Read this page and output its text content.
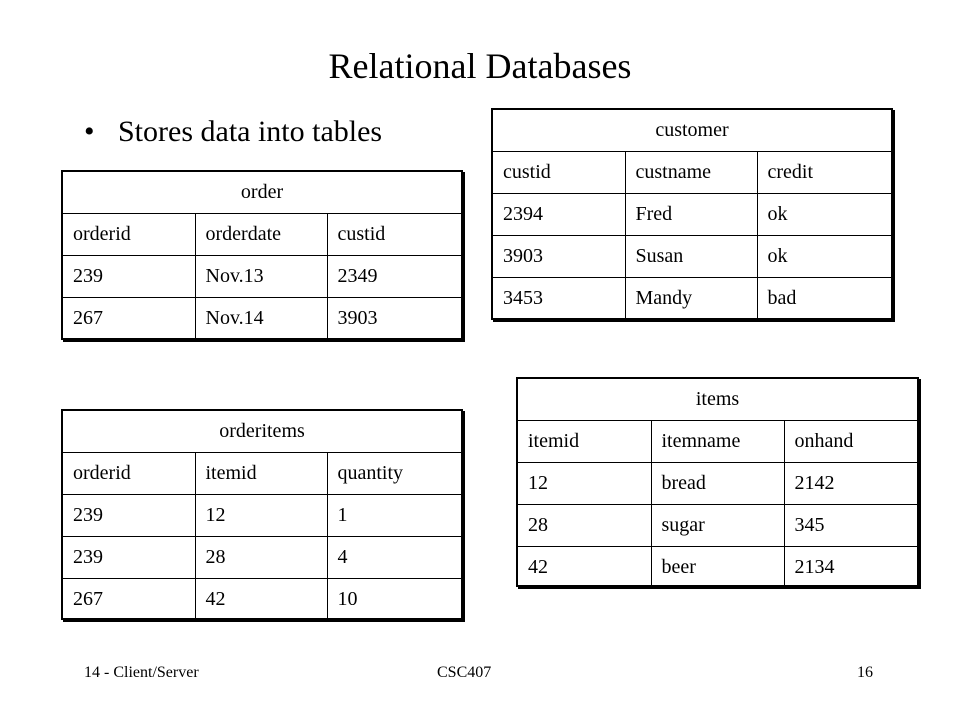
Relational Databases
• Stores data into tables
order		
orderid	orderdate	custid
239	Nov.13	2349
267	Nov.14	3903
customer		
custid	custname	credit
2394	Fred	ok
3903	Susan	ok
3453	Mandy	bad
orderitems		
orderid	itemid	quantity
239	12	1
239	28	4
267	42	10
items		
itemid	itemname	onhand
12	bread	2142
28	sugar	345
42	beer	2134
14 - Client/Server	CSC407	16
